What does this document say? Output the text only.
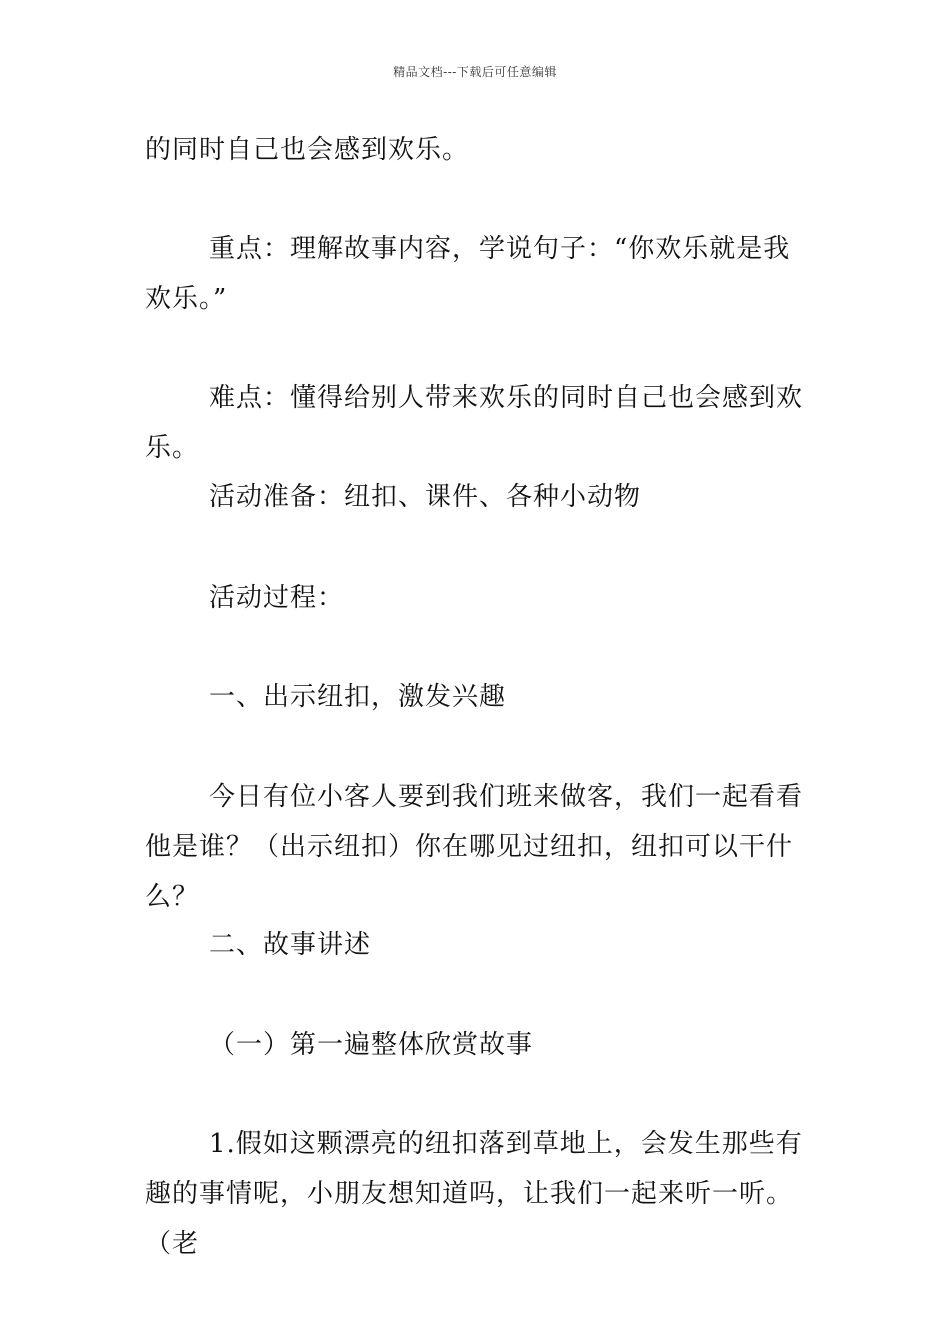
精品文档---下载后可任意编辑

的同时自己也会感到欢乐。

重点：理解故事内容，学说句子：“你欢乐就是我欢乐。”

难点：懂得给别人带来欢乐的同时自己也会感到欢乐。

活动准备：纽扣、课件、各种小动物

活动过程：

一、出示纽扣，激发兴趣

今日有位小客人要到我们班来做客，我们一起看看他是谁？（出示纽扣）你在哪见过纽扣，纽扣可以干什么？

二、故事讲述

（一）第一遍整体欣赏故事

1.假如这颗漂亮的纽扣落到草地上，会发生那些有趣的事情呢，小朋友想知道吗，让我们一起来听一听。（老
